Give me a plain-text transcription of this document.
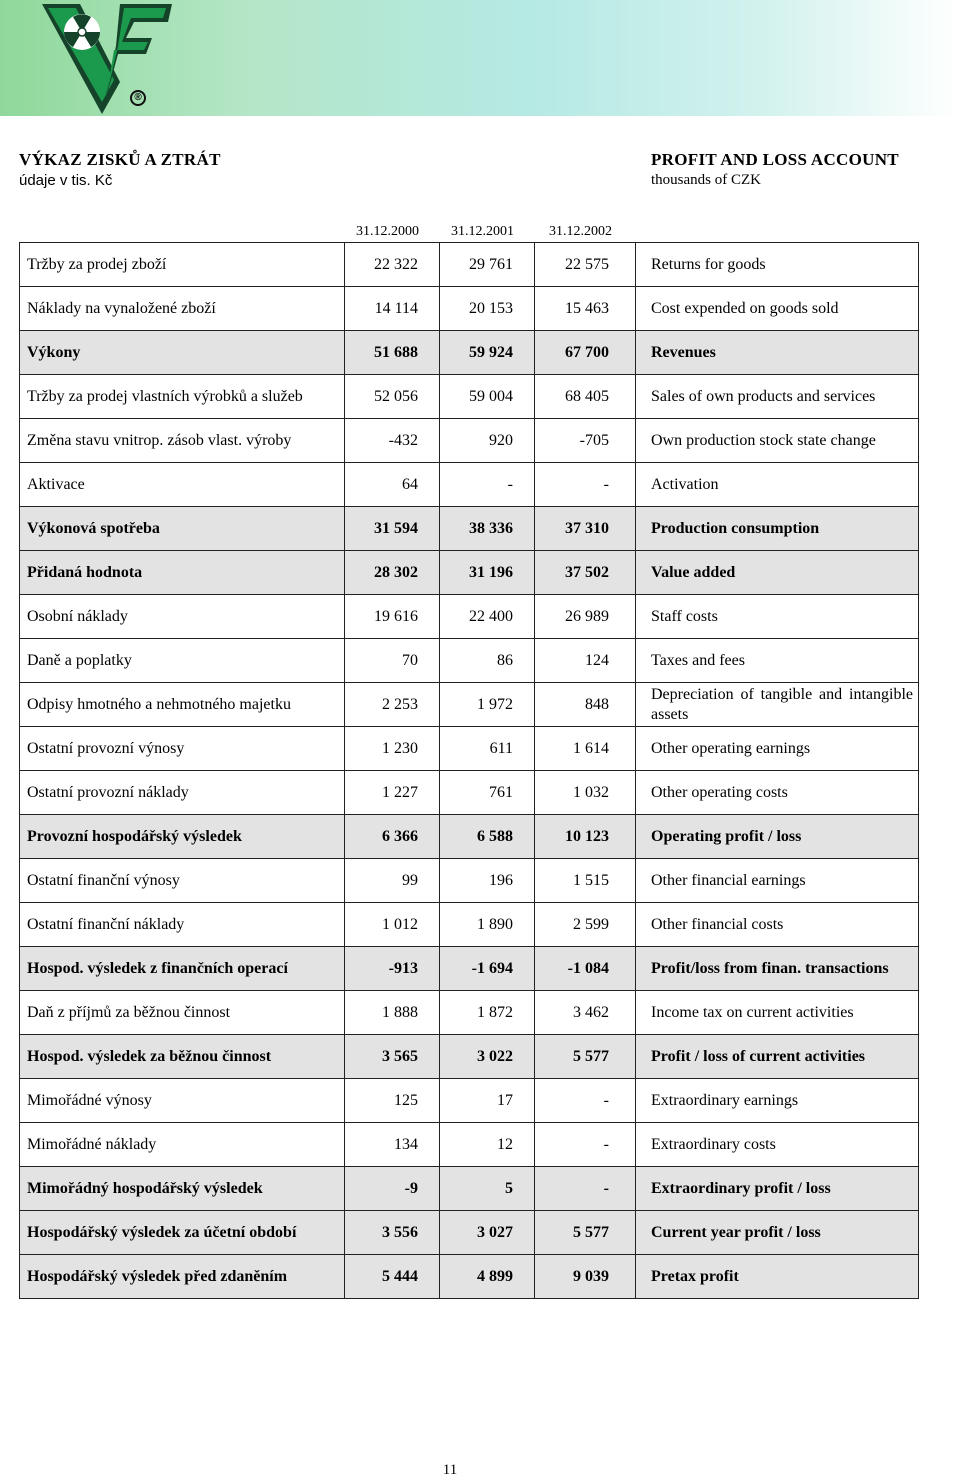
®
VÝKAZ ZISKŮ A ZTRÁT
údaje v tis. Kč
PROFIT AND LOSS ACCOUNT
thousands of CZK
31.12.2000 31.12.2001	31.12.2002
Tržby za prodej zboží	22 322	29 761	22 575	Returns for goods
Náklady na vynaložené zboží	14 114	20 153	15 463	Cost expended on goods sold
Výkony	51 688	59 924	67 700	Revenues
Tržby za prodej vlastních výrobků a služeb	52 056	59 004	68 405	Sales of own products and services
Změna stavu vnitrop. zásob vlast. výroby	-432	920	-705	Own production stock state change
Aktivace	64	-	-	Activation
Výkonová spotřeba	31 594	38 336	37 310	Production consumption
Přidaná hodnota	28 302	31 196	37 502	Value added
Osobní náklady	19 616	22 400	26 989	Staff costs
Daně a poplatky	70	86	124	Taxes and fees
Odpisy hmotného a nehmotného majetku	2 253	1 972	848	Depreciation of tangible and intangible assets
Ostatní provozní výnosy	1 230	611	1 614	Other operating earnings
Ostatní provozní náklady	1 227	761	1 032	Other operating costs
Provozní hospodářský výsledek	6 366	6 588	10 123	Operating profit / loss
Ostatní finanční výnosy	99	196	1 515	Other financial earnings
Ostatní finanční náklady	1 012	1 890	2 599	Other financial costs
Hospod. výsledek z finančních operací	-913	-1 694	-1 084	Profit/loss from finan. transactions
Daň z příjmů za běžnou činnost	1 888	1 872	3 462	Income tax on current activities
Hospod. výsledek za běžnou činnost	3 565	3 022	5 577	Profit / loss of current activities
Mimořádné výnosy	125	17	-	Extraordinary earnings
Mimořádné náklady	134	12	-	Extraordinary costs
Mimořádný hospodářský výsledek	-9	5	-	Extraordinary profit / loss
Hospodářský výsledek za účetní období	3 556	3 027	5 577	Current year profit / loss
Hospodářský výsledek před zdaněním	5 444	4 899	9 039	Pretax profit
11
